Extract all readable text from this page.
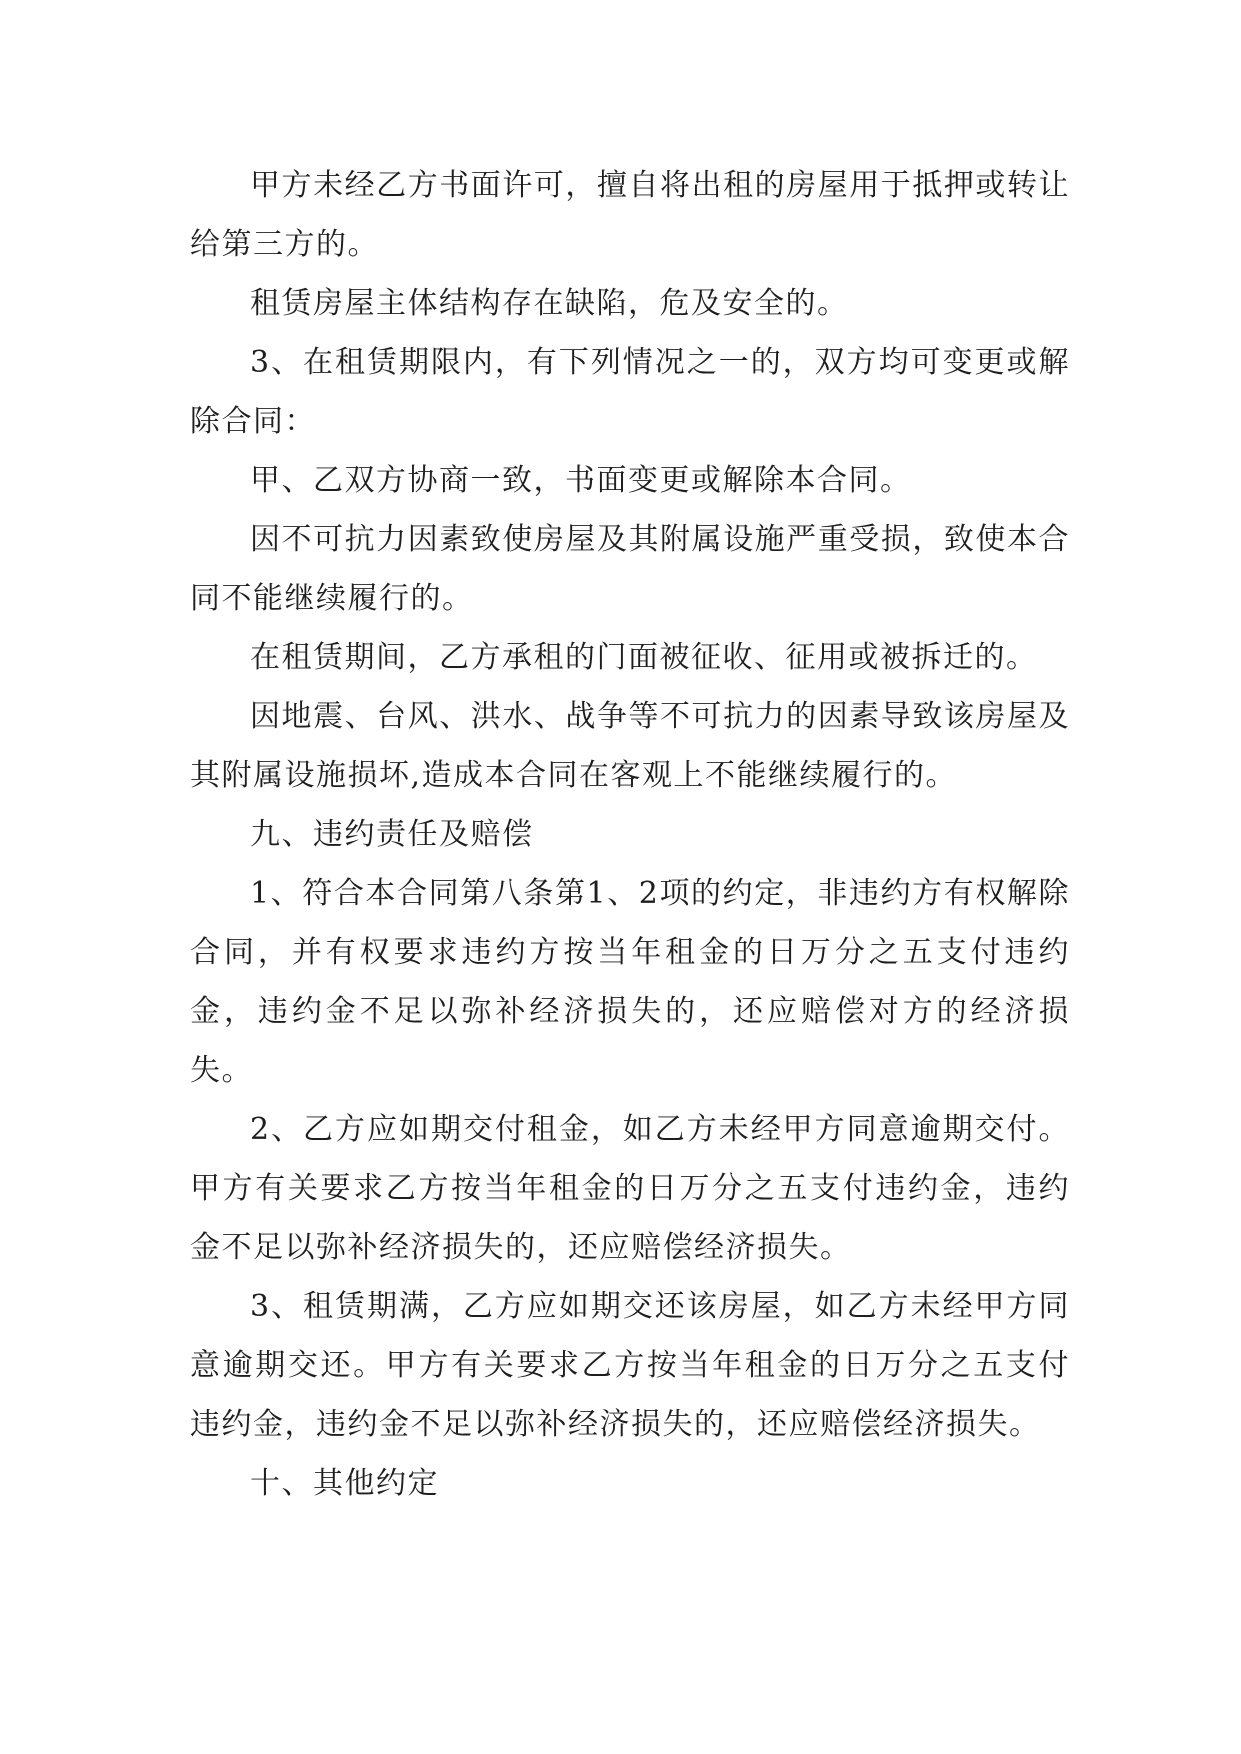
甲方未经乙方书面许可，擅自将出租的房屋用于抵押或转让给第三方的。

租赁房屋主体结构存在缺陷，危及安全的。

3、在租赁期限内，有下列情况之一的，双方均可变更或解除合同：

甲、乙双方协商一致，书面变更或解除本合同。

因不可抗力因素致使房屋及其附属设施严重受损，致使本合同不能继续履行的。

在租赁期间，乙方承租的门面被征收、征用或被拆迁的。

因地震、台风、洪水、战争等不可抗力的因素导致该房屋及其附属设施损坏,造成本合同在客观上不能继续履行的。

九、违约责任及赔偿

1、符合本合同第八条第1、2项的约定，非违约方有权解除合同，并有权要求违约方按当年租金的日万分之五支付违约金，违约金不足以弥补经济损失的，还应赔偿对方的经济损失。

2、乙方应如期交付租金，如乙方未经甲方同意逾期交付。甲方有关要求乙方按当年租金的日万分之五支付违约金，违约金不足以弥补经济损失的，还应赔偿经济损失。

3、租赁期满，乙方应如期交还该房屋，如乙方未经甲方同意逾期交还。甲方有关要求乙方按当年租金的日万分之五支付违约金，违约金不足以弥补经济损失的，还应赔偿经济损失。

十、其他约定
